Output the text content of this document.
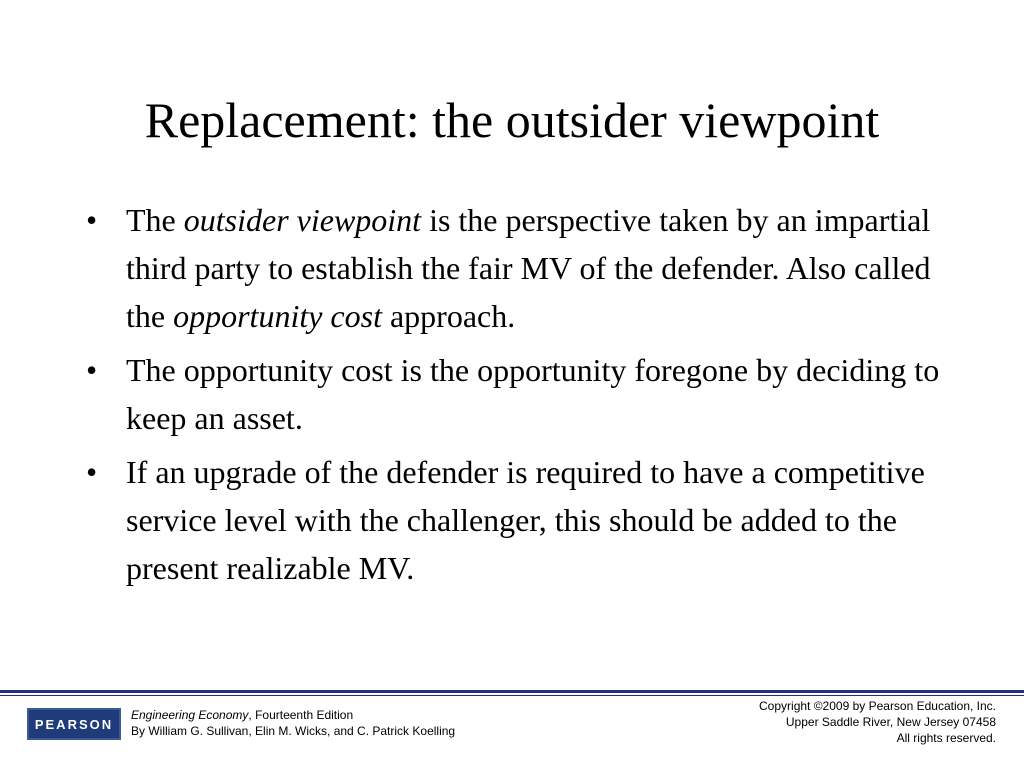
Replacement: the outsider viewpoint
• The outsider viewpoint is the perspective taken by an impartial third party to establish the fair MV of the defender. Also called the opportunity cost approach.
• The opportunity cost is the opportunity foregone by deciding to keep an asset.
• If an upgrade of the defender is required to have a competitive service level with the challenger, this should be added to the present realizable MV.
PEARSON
Engineering Economy, Fourteenth Edition
By William G. Sullivan, Elin M. Wicks, and C. Patrick Koelling
Copyright ©2009 by Pearson Education, Inc.
Upper Saddle River, New Jersey 07458
All rights reserved.
